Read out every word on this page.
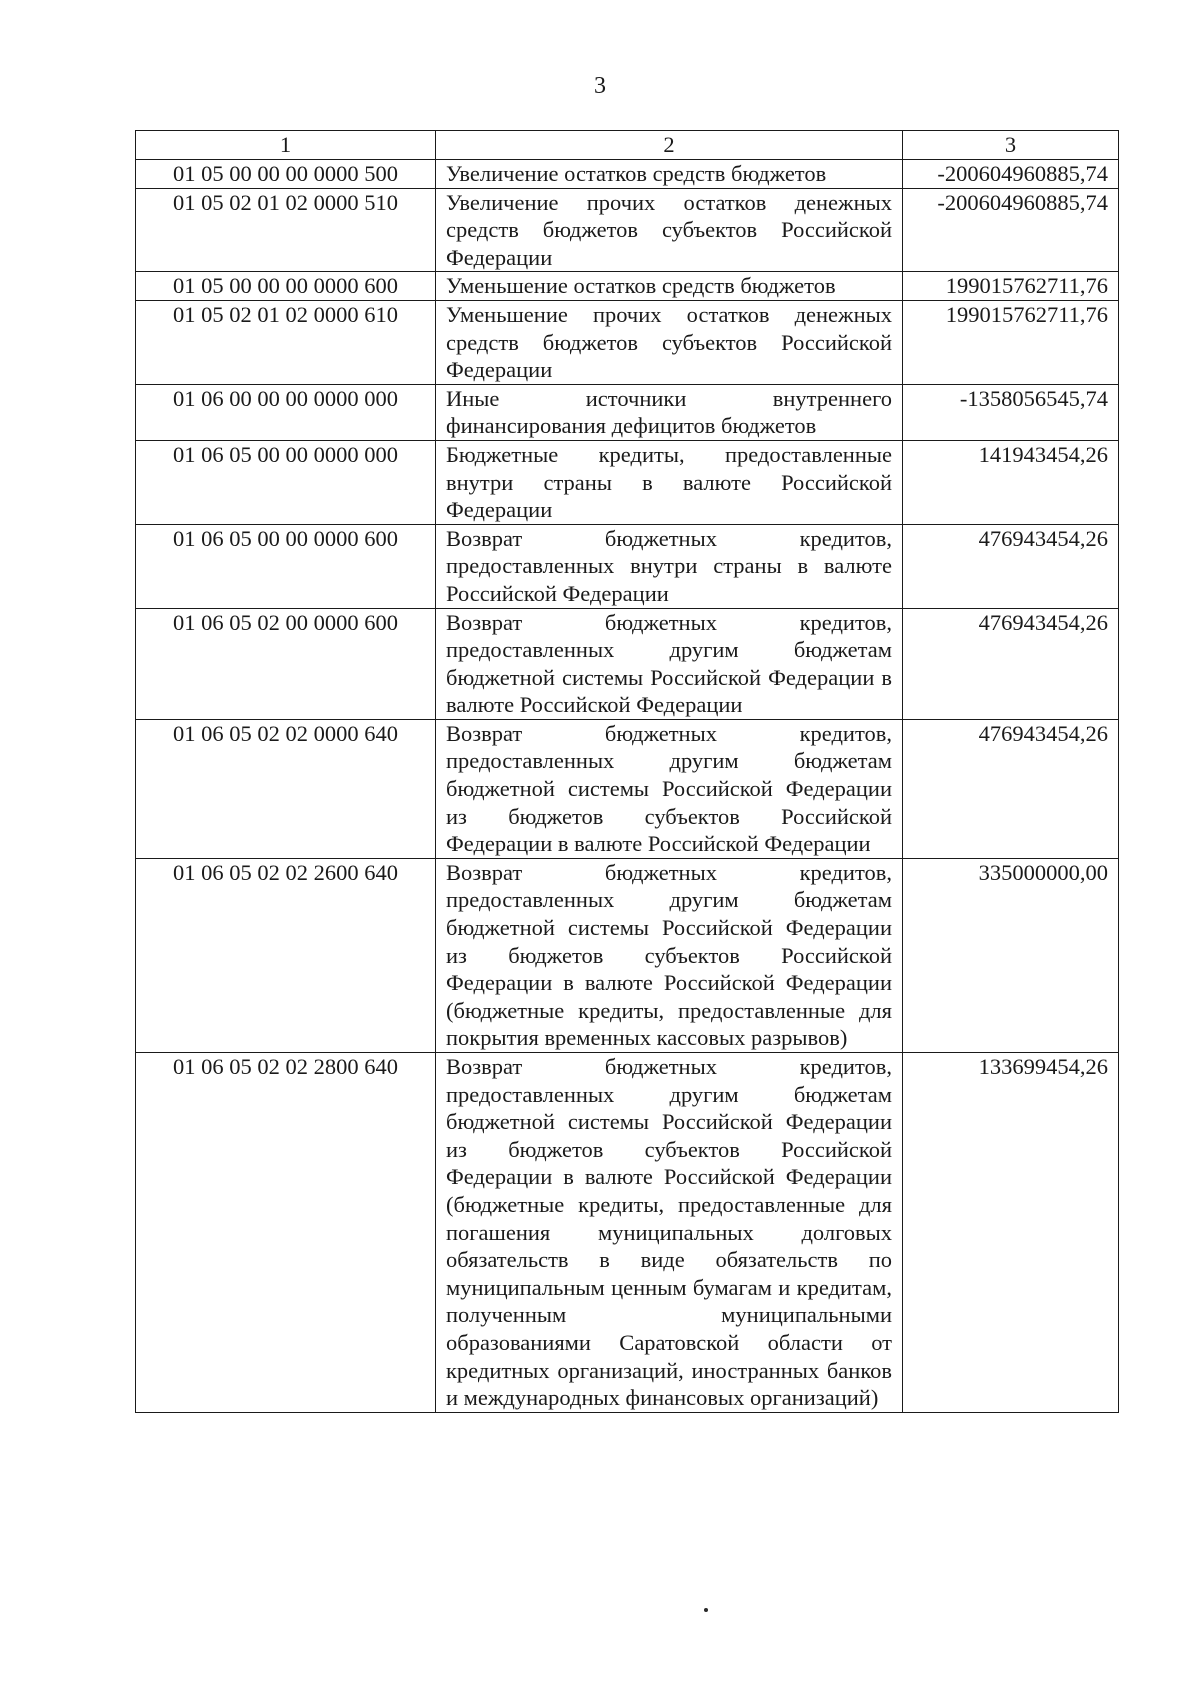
3
1	2	3
01 05 00 00 00 0000 500	Увеличение остатков средств бюджетов	-200604960885,74
01 05 02 01 02 0000 510	Увеличение прочих остатков денежных средств бюджетов субъектов Российской Федерации	-200604960885,74
01 05 00 00 00 0000 600	Уменьшение остатков средств бюджетов	199015762711,76
01 05 02 01 02 0000 610	Уменьшение прочих остатков денежных средств бюджетов субъектов Российской Федерации	199015762711,76
01 06 00 00 00 0000 000	Иные источники внутреннего финансирования дефицитов бюджетов	-1358056545,74
01 06 05 00 00 0000 000	Бюджетные кредиты, предоставленные внутри страны в валюте Российской Федерации	141943454,26
01 06 05 00 00 0000 600	Возврат бюджетных кредитов, предоставленных внутри страны в валюте Российской Федерации	476943454,26
01 06 05 02 00 0000 600	Возврат бюджетных кредитов, предоставленных другим бюджетам бюджетной системы Российской Федерации в валюте Российской Федерации	476943454,26
01 06 05 02 02 0000 640	Возврат бюджетных кредитов, предоставленных другим бюджетам бюджетной системы Российской Федерации из бюджетов субъектов Российской Федерации в валюте Российской Федерации	476943454,26
01 06 05 02 02 2600 640	Возврат бюджетных кредитов, предоставленных другим бюджетам бюджетной системы Российской Федерации из бюджетов субъектов Российской Федерации в валюте Российской Федерации (бюджетные кредиты, предоставленные для покрытия временных кассовых разрывов)	335000000,00
01 06 05 02 02 2800 640	Возврат бюджетных кредитов, предоставленных другим бюджетам бюджетной системы Российской Федерации из бюджетов субъектов Российской Федерации в валюте Российской Федерации (бюджетные кредиты, предоставленные для погашения муниципальных долговых обязательств в виде обязательств по муниципальным ценным бумагам и кредитам, полученным муниципальными образованиями Саратовской области от кредитных организаций, иностранных банков и международных финансовых организаций)	133699454,26
